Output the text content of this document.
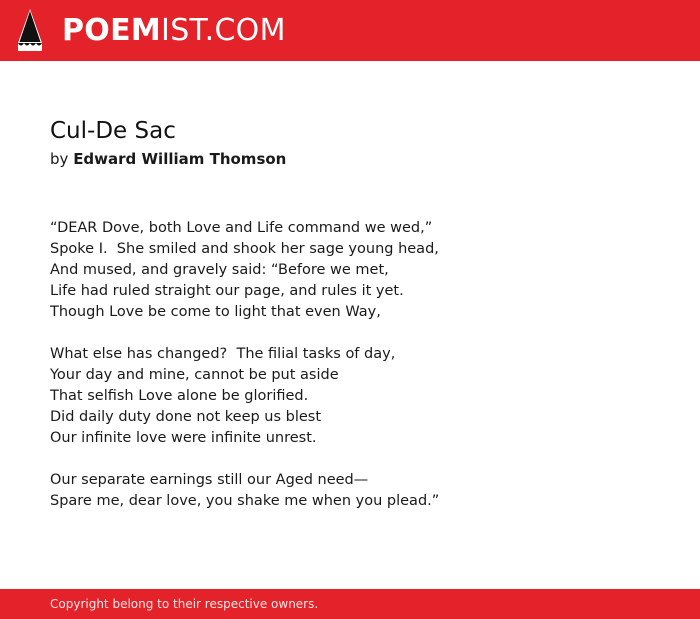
POEMIST.COM
Cul-De Sac
by Edward William Thomson
“DEAR Dove, both Love and Life command we wed,”
Spoke I.  She smiled and shook her sage young head,
And mused, and gravely said: “Before we met,
Life had ruled straight our page, and rules it yet.
Though Love be come to light that even Way,
What else has changed?  The filial tasks of day,
Your day and mine, cannot be put aside
That selfish Love alone be glorified.
Did daily duty done not keep us blest
Our infinite love were infinite unrest.
Our separate earnings still our Aged need—
Spare me, dear love, you shake me when you plead.”
Copyright belong to their respective owners.
